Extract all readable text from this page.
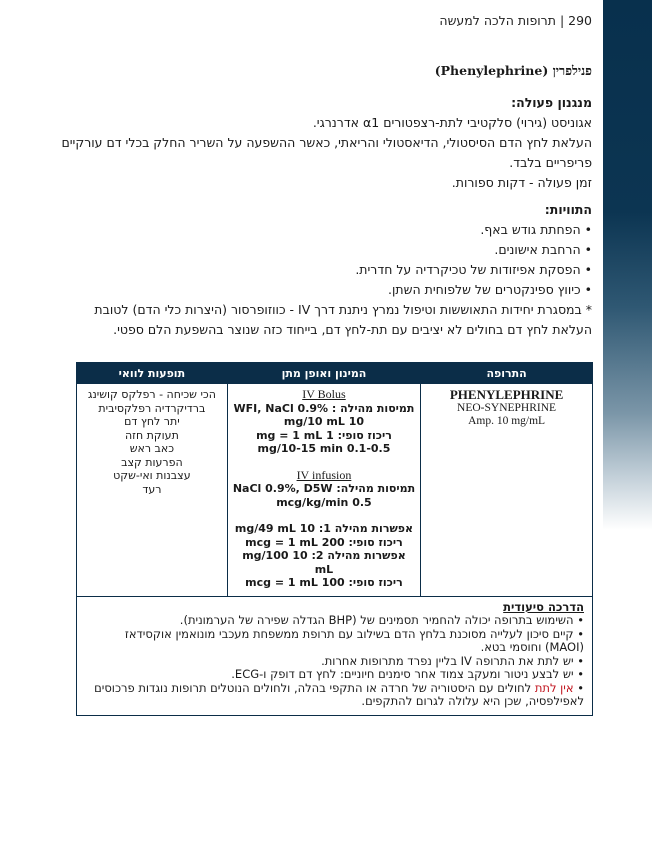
290 | תרופות הלכה למעשה
פנילפרין (Phenylephrine)
מנגנון פעולה:
אגוניסט (גירוי) סלקטיבי לתת-רצפטורים α1 אדרנרגי.
העלאת לחץ הדם הסיסטולי, הדיאסטולי והריאתי, כאשר ההשפעה על השריר החלק בכלי דם עורקיים
פריפריים בלבד.
זמן פעולה - דקות ספורות.
התוויות:
• הפחתת גודש באף.
• הרחבת אישונים.
• הפסקת אפיזודות של טכיקרדיה על חדרית.
• כיווץ ספינקטרים של שלפוחית השתן.
* במסגרת יחידות התאוששות וטיפול נמרץ ניתנת דרך IV - כווזופרסור (היצרות כלי הדם) לטובת
העלאת לחץ דם בחולים לא יציבים עם תת-לחץ דם, בייחוד כזה שנוצר בהשפעת הלם ספטי.
התרופה	המינון ואופן מתן	תופעות לוואי

PHENYLEPHRINE
NEO-SYNEPHRINE
Amp. 10 mg/mL

IV Bolus
תמיסות מהילה : WFI, NaCl 0.9%
10 mg/10 mL
ריכוז סופי: 1 mg = 1 mL
0.1-0.5 mg/10-15 min
IV infusion
תמיסות מהילה: NaCl 0.9%, D5W
0.5 mcg/kg/min
אפשרות מהילה 1: 10 mg/49 mL
ריכוז סופי: 200 mcg = 1 mL
אפשרות מהילה 2: 10 mg/100 mL
ריכוז סופי: 100 mcg = 1 mL

הכי שכיחה - רפלקס קושינג
ברדיקרדיה רפלקסיבית
יתר לחץ דם
תעוקת חזה
כאב ראש
הפרעות קצב
עצבנות ואי-שקט
רעד

הדרכה סיעודית
• השימוש בתרופה יכולה להחמיר תסמינים של (BHP הגדלה שפירה של הערמונית).
• קיים סיכון לעלייה מסוכנת בלחץ הדם בשילוב עם תרופת ממשפחת מעכבי מונואמין אוקסידאז (MAOI) וחוסמי בטא.
• יש לתת את התרופה IV בליין נפרד מתרופות אחרות.
• יש לבצע ניטור ומעקב צמוד אחר סימנים חיוניים: לחץ דם דופק ו-ECG.
• אין לתת לחולים עם היסטוריה של חרדה או התקפי בהלה, ולחולים הנוטלים תרופות נוגדות פרכוסים לאפילפסיה, שכן היא עלולה לגרום להתקפים.
